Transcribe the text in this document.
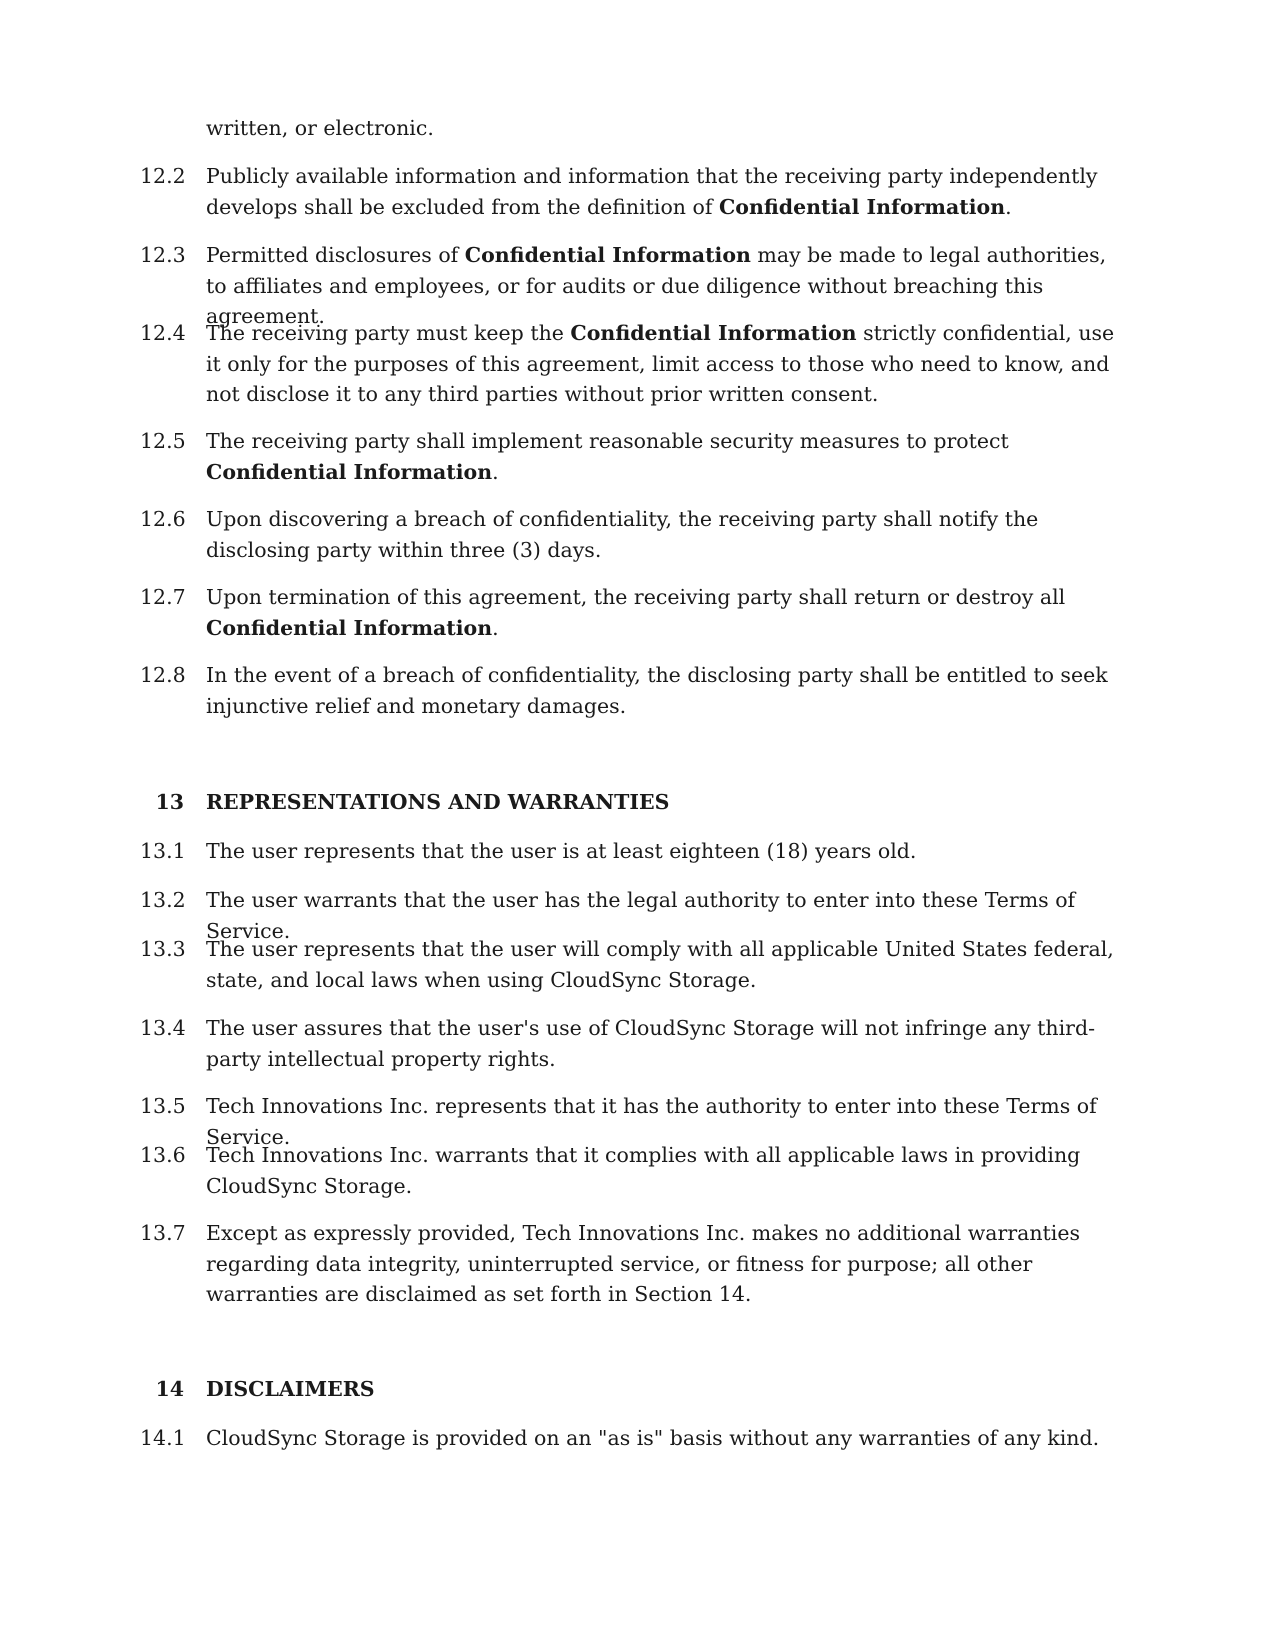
written, or electronic.
12.2 Publicly available information and information that the receiving party independently develops shall be excluded from the definition of Confidential Information.
12.3 Permitted disclosures of Confidential Information may be made to legal authorities, to affiliates and employees, or for audits or due diligence without breaching this agreement.
12.4 The receiving party must keep the Confidential Information strictly confidential, use it only for the purposes of this agreement, limit access to those who need to know, and not disclose it to any third parties without prior written consent.
12.5 The receiving party shall implement reasonable security measures to protect Confidential Information.
12.6 Upon discovering a breach of confidentiality, the receiving party shall notify the disclosing party within three (3) days.
12.7 Upon termination of this agreement, the receiving party shall return or destroy all Confidential Information.
12.8 In the event of a breach of confidentiality, the disclosing party shall be entitled to seek injunctive relief and monetary damages.
13 REPRESENTATIONS AND WARRANTIES
13.1 The user represents that the user is at least eighteen (18) years old.
13.2 The user warrants that the user has the legal authority to enter into these Terms of Service.
13.3 The user represents that the user will comply with all applicable United States federal, state, and local laws when using CloudSync Storage.
13.4 The user assures that the user's use of CloudSync Storage will not infringe any third-party intellectual property rights.
13.5 Tech Innovations Inc. represents that it has the authority to enter into these Terms of Service.
13.6 Tech Innovations Inc. warrants that it complies with all applicable laws in providing CloudSync Storage.
13.7 Except as expressly provided, Tech Innovations Inc. makes no additional warranties regarding data integrity, uninterrupted service, or fitness for purpose; all other warranties are disclaimed as set forth in Section 14.
14 DISCLAIMERS
14.1 CloudSync Storage is provided on an "as is" basis without any warranties of any kind.
